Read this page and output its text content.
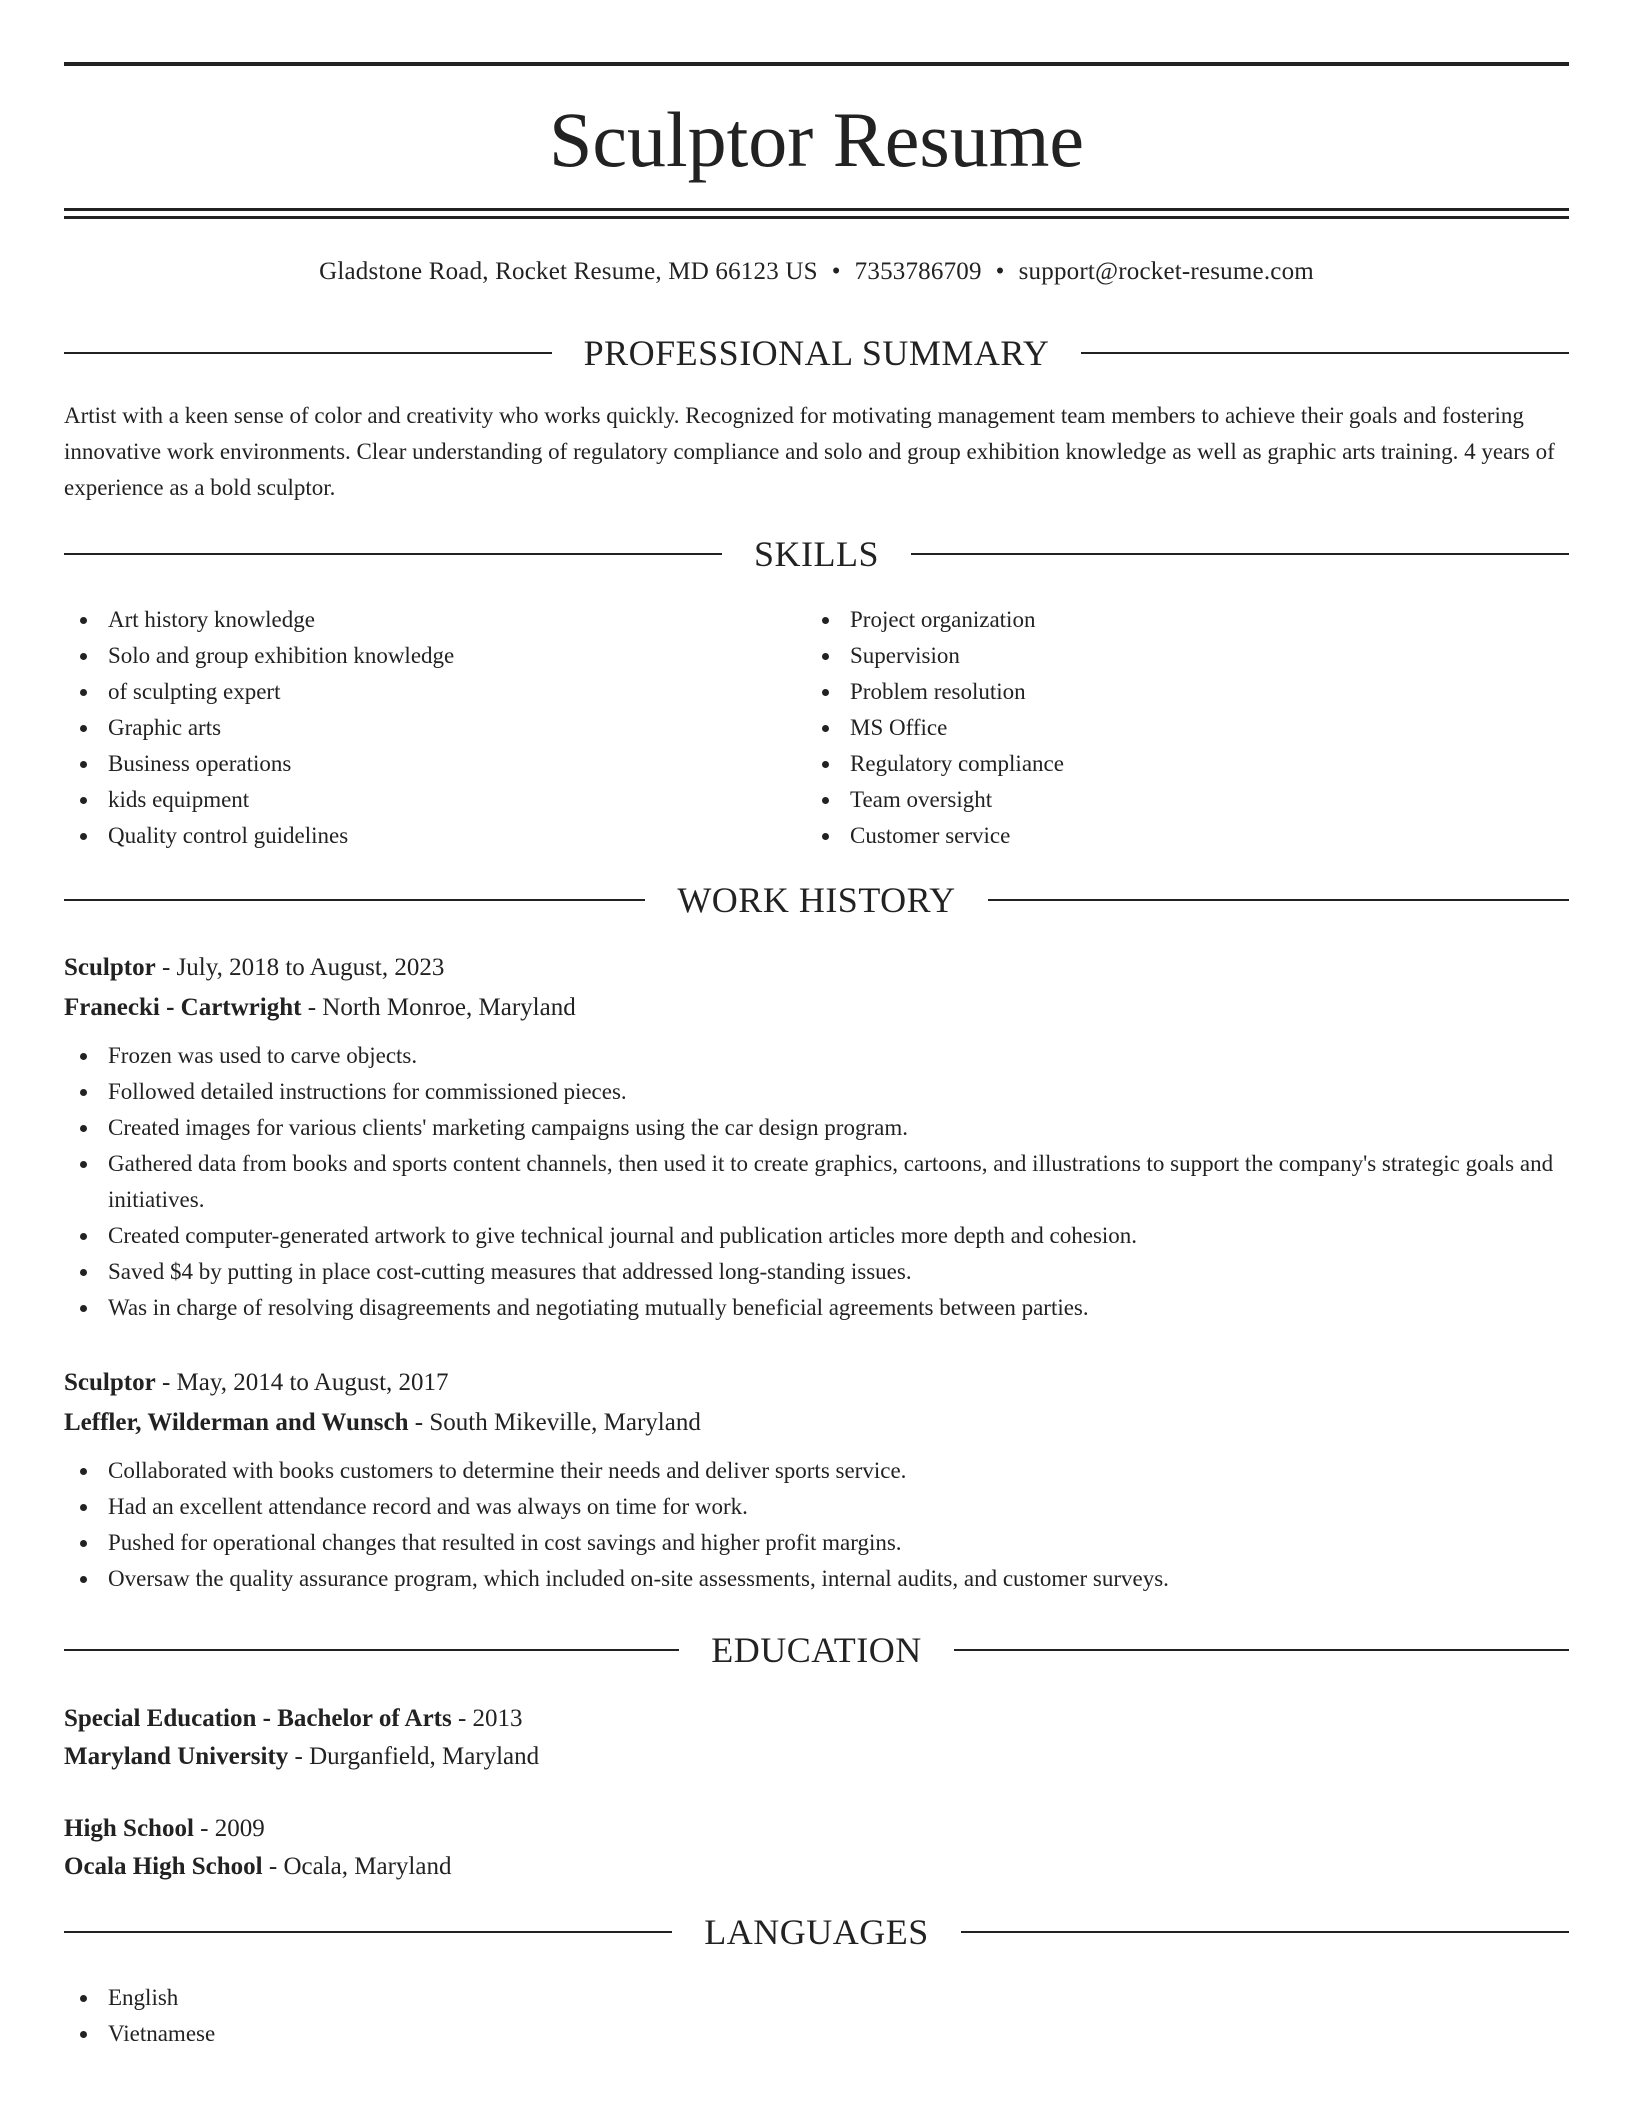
Sculptor Resume
Gladstone Road, Rocket Resume, MD 66123 US • 7353786709 • support@rocket-resume.com
PROFESSIONAL SUMMARY

Artist with a keen sense of color and creativity who works quickly. Recognized for motivating management team members to achieve their goals and fostering innovative work environments. Clear understanding of regulatory compliance and solo and group exhibition knowledge as well as graphic arts training. 4 years of experience as a bold sculptor.

SKILLS
Art history knowledge
Solo and group exhibition knowledge
of sculpting expert
Graphic arts
Business operations
kids equipment
Quality control guidelines
Project organization
Supervision
Problem resolution
MS Office
Regulatory compliance
Team oversight
Customer service
WORK HISTORY
Sculptor - July, 2018 to August, 2023
Franecki - Cartwright - North Monroe, Maryland
Frozen was used to carve objects.
Followed detailed instructions for commissioned pieces.
Created images for various clients' marketing campaigns using the car design program.
Gathered data from books and sports content channels, then used it to create graphics, cartoons, and illustrations to support the company's strategic goals and initiatives.
Created computer-generated artwork to give technical journal and publication articles more depth and cohesion.
Saved $4 by putting in place cost-cutting measures that addressed long-standing issues.
Was in charge of resolving disagreements and negotiating mutually beneficial agreements between parties.
Sculptor - May, 2014 to August, 2017
Leffler, Wilderman and Wunsch - South Mikeville, Maryland
Collaborated with books customers to determine their needs and deliver sports service.
Had an excellent attendance record and was always on time for work.
Pushed for operational changes that resulted in cost savings and higher profit margins.
Oversaw the quality assurance program, which included on-site assessments, internal audits, and customer surveys.
EDUCATION
Special Education - Bachelor of Arts - 2013
Maryland University - Durganfield, Maryland
High School - 2009
Ocala High School - Ocala, Maryland
LANGUAGES
English
Vietnamese
